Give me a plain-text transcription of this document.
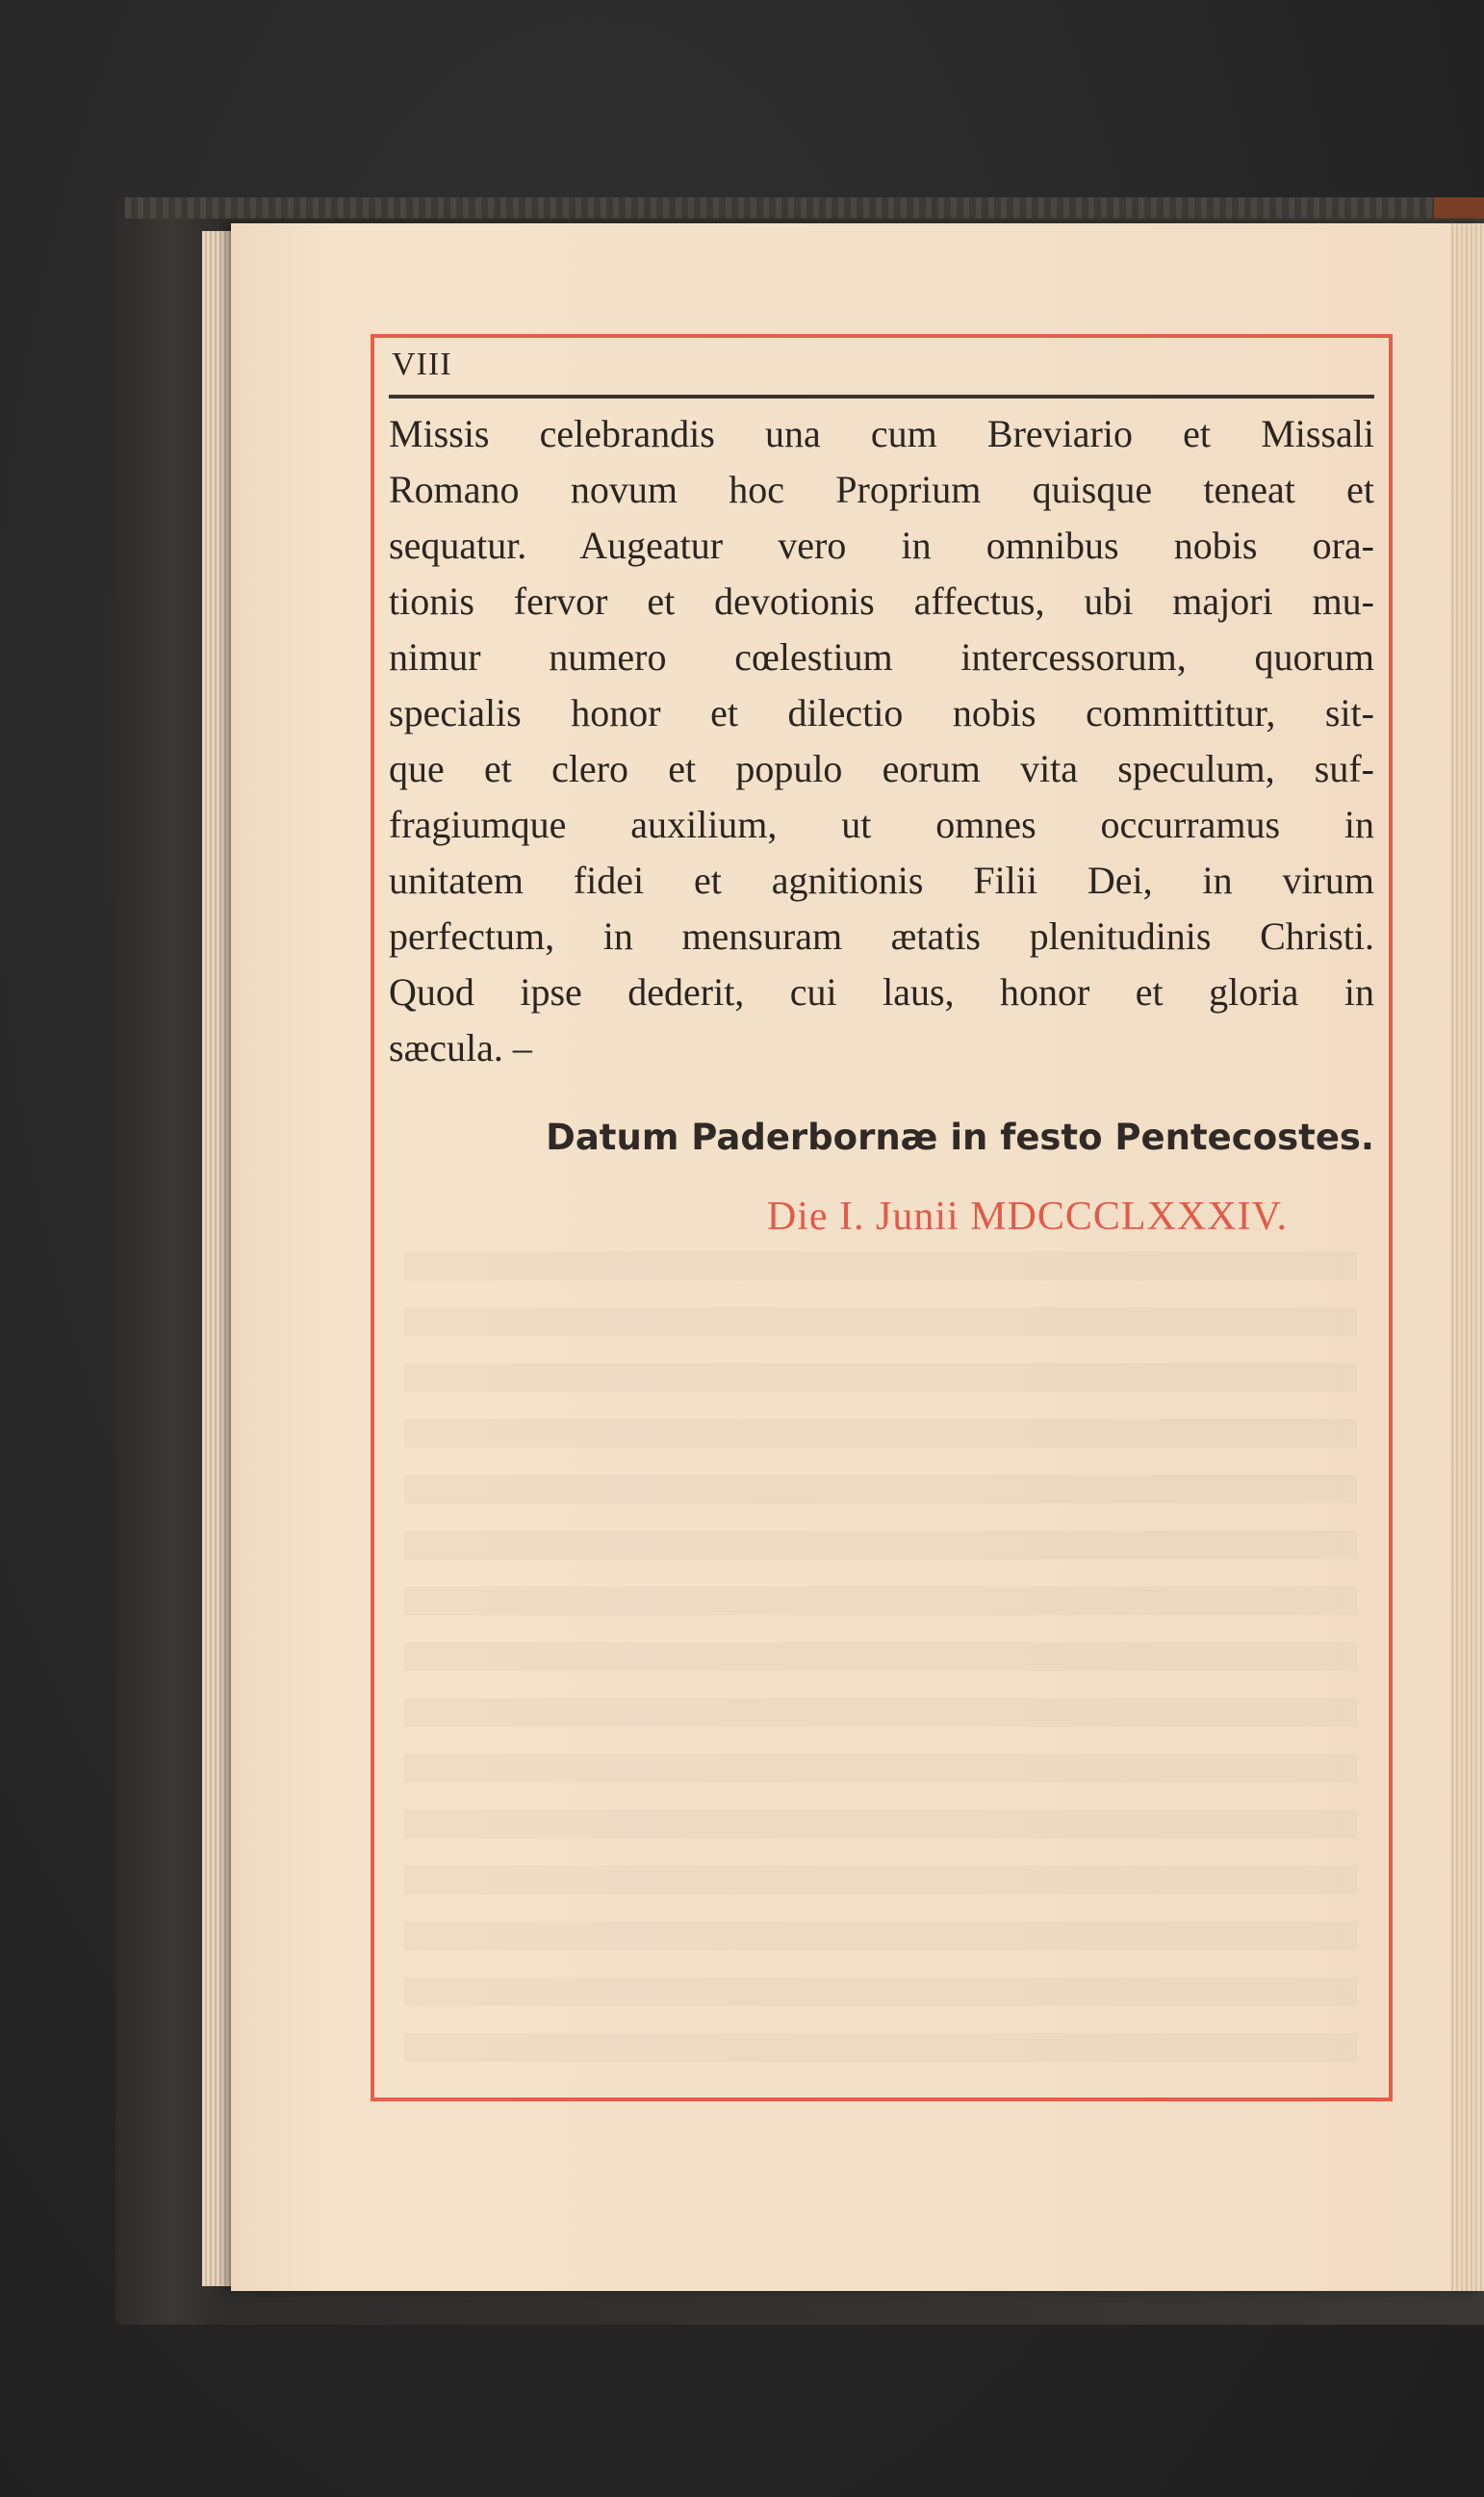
VIII
Missis celebrandis una cum Breviario et Missali
Romano novum hoc Proprium quisque teneat et
sequatur. Augeatur vero in omnibus nobis ora-
tionis fervor et devotionis affectus, ubi majori mu-
nimur numero cœlestium intercessorum, quorum
specialis honor et dilectio nobis committitur, sit-
que et clero et populo eorum vita speculum, suf-
fragiumque auxilium, ut omnes occurramus in
unitatem fidei et agnitionis Filii Dei, in virum
perfectum, in mensuram ætatis plenitudinis Christi.
Quod ipse dederit, cui laus, honor et gloria in
sæcula. –
Datum Paderbornæ in festo Pentecostes.
Die I. Junii MDCCCLXXXIV.
